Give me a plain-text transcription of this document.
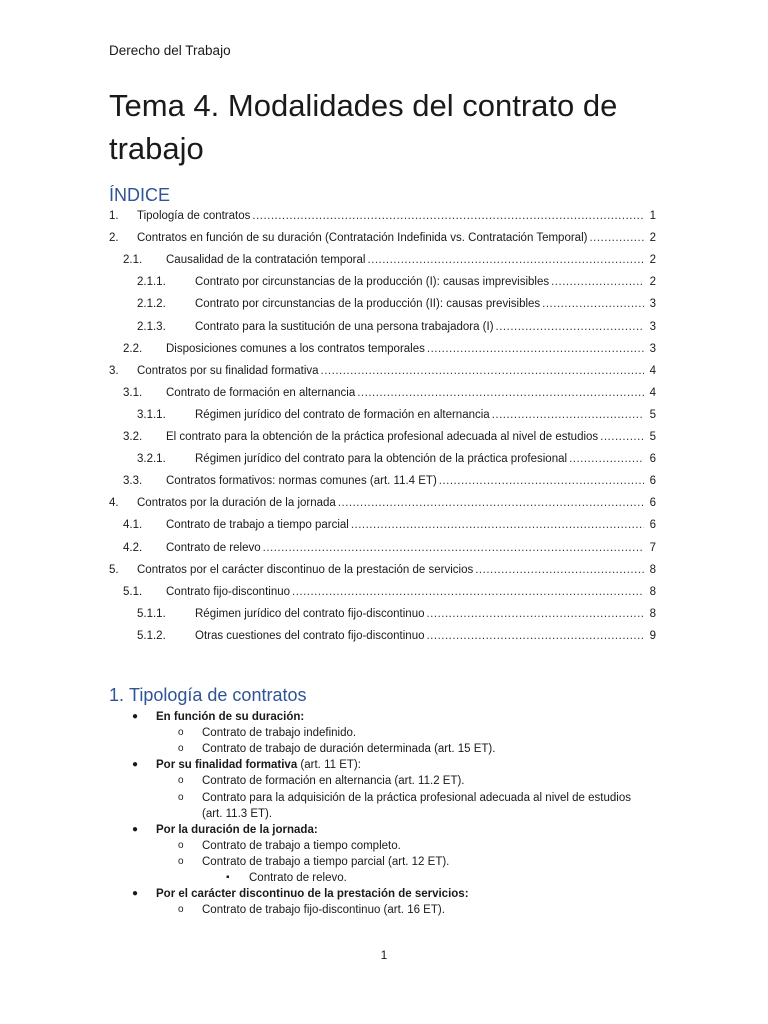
Derecho del Trabajo
Tema 4. Modalidades del contrato de trabajo
ÍNDICE
1. Tipología de contratos .....	1
2. Contratos en función de su duración (Contratación Indefinida vs. Contratación Temporal) .....	2
2.1. Causalidad de la contratación temporal .....	2
2.1.1.	Contrato por circunstancias de la producción (I): causas imprevisibles .....	2
2.1.2.	Contrato por circunstancias de la producción (II): causas previsibles .....	3
2.1.3.	Contrato para la sustitución de una persona trabajadora (I) .....	3
2.2. Disposiciones comunes a los contratos temporales .....	3
3. Contratos por su finalidad formativa .....	4
3.1. Contrato de formación en alternancia .....	4
3.1.1.	Régimen jurídico del contrato de formación en alternancia .....	5
3.2. El contrato para la obtención de la práctica profesional adecuada al nivel de estudios .....	5
3.2.1.	Régimen jurídico del contrato para la obtención de la práctica profesional .....	6
3.3. Contratos formativos: normas comunes (art. 11.4 ET) .....	6
4. Contratos por la duración de la jornada .....	6
4.1. Contrato de trabajo a tiempo parcial .....	6
4.2. Contrato de relevo .....	7
5. Contratos por el carácter discontinuo de la prestación de servicios .....	8
5.1. Contrato fijo-discontinuo .....	8
5.1.1.	Régimen jurídico del contrato fijo-discontinuo .....	8
5.1.2.	Otras cuestiones del contrato fijo-discontinuo .....	9
1. Tipología de contratos
● En función de su duración:
o Contrato de trabajo indefinido.
o Contrato de trabajo de duración determinada (art. 15 ET).
● Por su finalidad formativa (art. 11 ET):
o Contrato de formación en alternancia (art. 11.2 ET).
o Contrato para la adquisición de la práctica profesional adecuada al nivel de estudios
(art. 11.3 ET).
● Por la duración de la jornada:
o Contrato de trabajo a tiempo completo.
o Contrato de trabajo a tiempo parcial (art. 12 ET).
▪ Contrato de relevo.
● Por el carácter discontinuo de la prestación de servicios:
o Contrato de trabajo fijo-discontinuo (art. 16 ET).
1
